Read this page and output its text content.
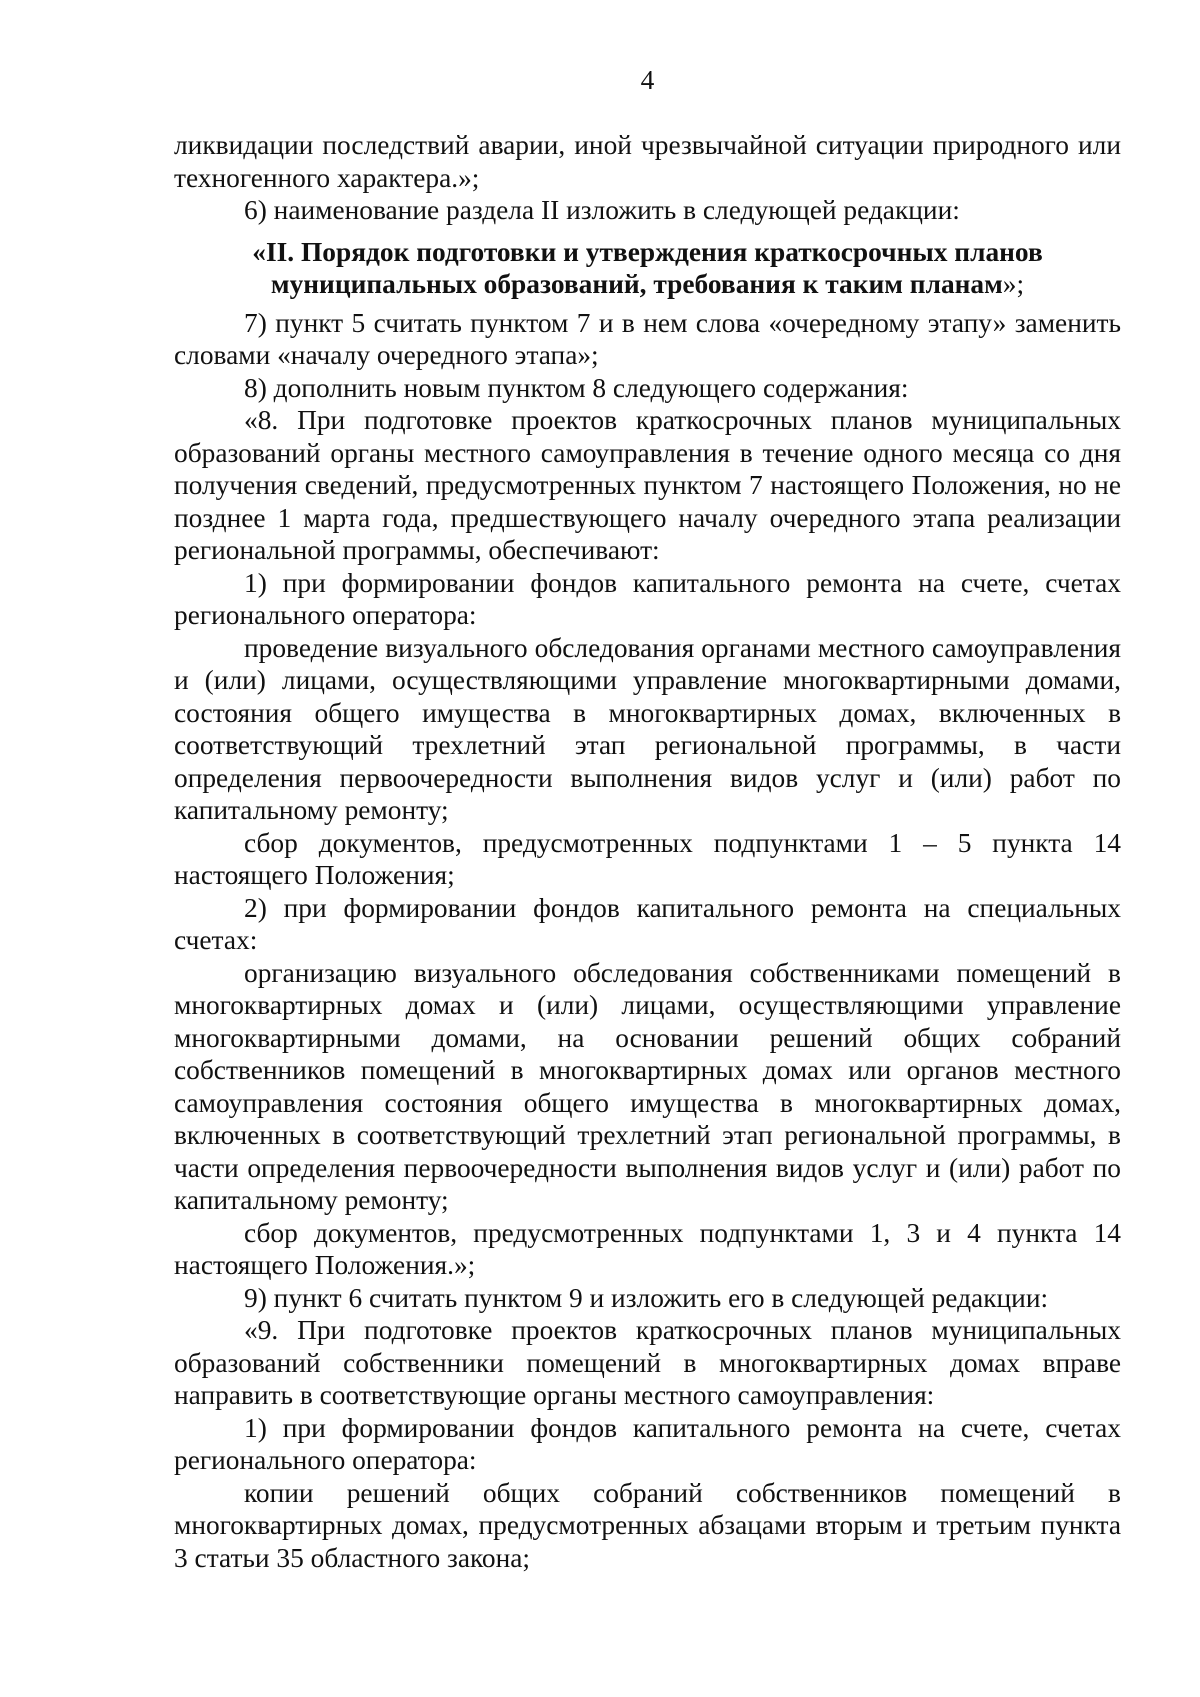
4

ликвидации последствий аварии, иной чрезвычайной ситуации природного или техногенного характера.»;

6) наименование раздела II изложить в следующей редакции:

«II. Порядок подготовки и утверждения краткосрочных планов
муниципальных образований, требования к таким планам»;

7) пункт 5 считать пунктом 7 и в нем слова «очередному этапу» заменить словами «началу очередного этапа»;

8) дополнить новым пунктом 8 следующего содержания:

«8. При подготовке проектов краткосрочных планов муниципальных образований органы местного самоуправления в течение одного месяца со дня получения сведений, предусмотренных пунктом 7 настоящего Положения, но не позднее 1 марта года, предшествующего началу очередного этапа реализации региональной программы, обеспечивают:

1) при формировании фондов капитального ремонта на счете, счетах регионального оператора:

проведение визуального обследования органами местного самоуправления и (или) лицами, осуществляющими управление многоквартирными домами, состояния общего имущества в многоквартирных домах, включенных в соответствующий трехлетний этап региональной программы, в части определения первоочередности выполнения видов услуг и (или) работ по капитальному ремонту;

сбор документов, предусмотренных подпунктами 1 – 5 пункта 14 настоящего Положения;

2) при формировании фондов капитального ремонта на специальных счетах:

организацию визуального обследования собственниками помещений в многоквартирных домах и (или) лицами, осуществляющими управление многоквартирными домами, на основании решений общих собраний собственников помещений в многоквартирных домах или органов местного самоуправления состояния общего имущества в многоквартирных домах, включенных в соответствующий трехлетний этап региональной программы, в части определения первоочередности выполнения видов услуг и (или) работ по капитальному ремонту;

сбор документов, предусмотренных подпунктами 1, 3 и 4 пункта 14 настоящего Положения.»;

9) пункт 6 считать пунктом 9 и изложить его в следующей редакции:

«9. При подготовке проектов краткосрочных планов муниципальных образований собственники помещений в многоквартирных домах вправе направить в соответствующие органы местного самоуправления:

1) при формировании фондов капитального ремонта на счете, счетах регионального оператора:

копии решений общих собраний собственников помещений в многоквартирных домах, предусмотренных абзацами вторым и третьим пункта 3 статьи 35 областного закона;
